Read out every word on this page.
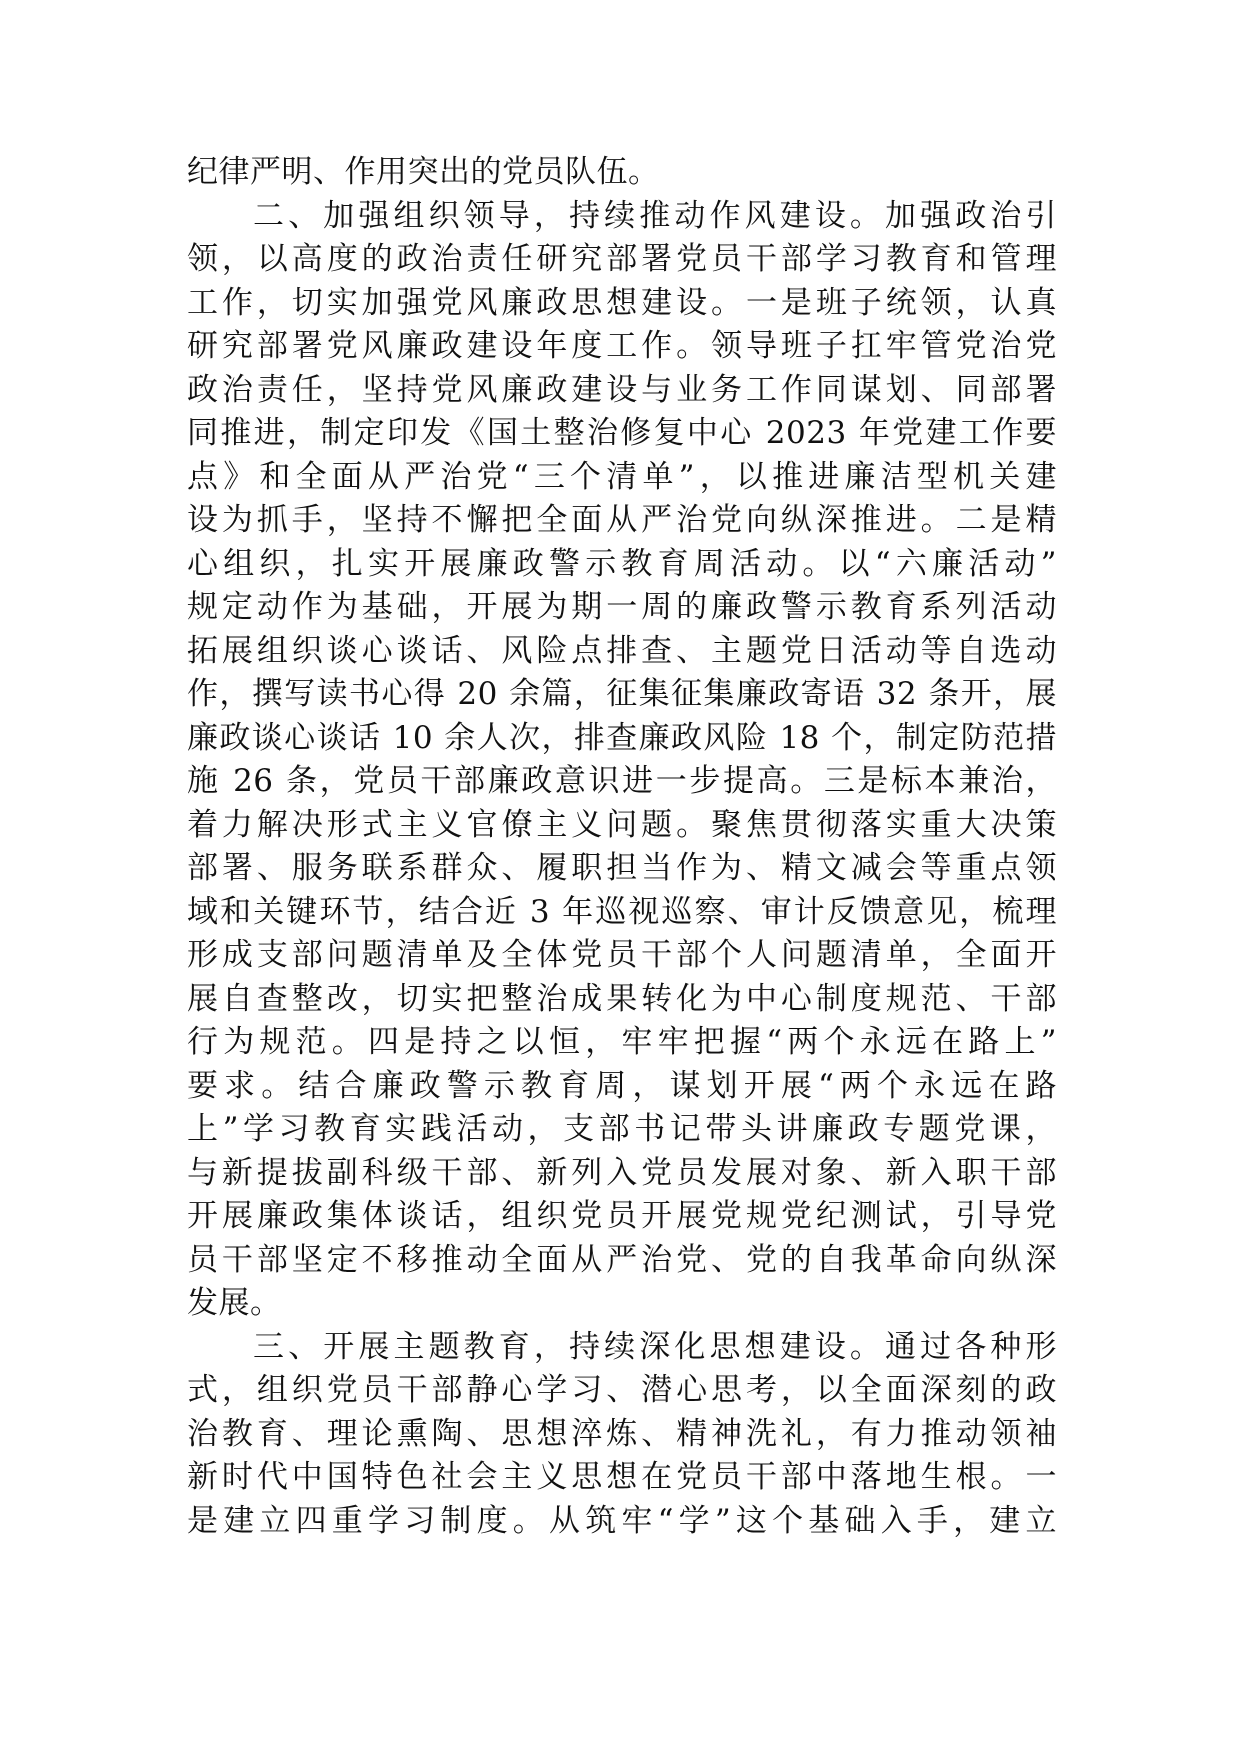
纪律严明、作用突出的党员队伍。
二、加强组织领导，持续推动作风建设。加强政治引
领，以高度的政治责任研究部署党员干部学习教育和管理
工作，切实加强党风廉政思想建设。一是班子统领，认真
研究部署党风廉政建设年度工作。领导班子扛牢管党治党
政治责任，坚持党风廉政建设与业务工作同谋划、同部署
同推进，制定印发《国土整治修复中心 2023 年党建工作要
点》和全面从严治党“三个清单”，以推进廉洁型机关建
设为抓手，坚持不懈把全面从严治党向纵深推进。二是精
心组织，扎实开展廉政警示教育周活动。以“六廉活动”
规定动作为基础，开展为期一周的廉政警示教育系列活动
拓展组织谈心谈话、风险点排查、主题党日活动等自选动
作，撰写读书心得 20 余篇，征集征集廉政寄语 32 条开，展
廉政谈心谈话 10 余人次，排查廉政风险 18 个，制定防范措
施 26 条，党员干部廉政意识进一步提高。三是标本兼治，
着力解决形式主义官僚主义问题。聚焦贯彻落实重大决策
部署、服务联系群众、履职担当作为、精文减会等重点领
域和关键环节，结合近 3 年巡视巡察、审计反馈意见，梳理
形成支部问题清单及全体党员干部个人问题清单，全面开
展自查整改，切实把整治成果转化为中心制度规范、干部
行为规范。四是持之以恒，牢牢把握“两个永远在路上”
要求。结合廉政警示教育周，谋划开展“两个永远在路
上”学习教育实践活动，支部书记带头讲廉政专题党课，
与新提拔副科级干部、新列入党员发展对象、新入职干部
开展廉政集体谈话，组织党员开展党规党纪测试，引导党
员干部坚定不移推动全面从严治党、党的自我革命向纵深
发展。
三、开展主题教育，持续深化思想建设。通过各种形
式，组织党员干部静心学习、潜心思考，以全面深刻的政
治教育、理论熏陶、思想淬炼、精神洗礼，有力推动领袖
新时代中国特色社会主义思想在党员干部中落地生根。一
是建立四重学习制度。从筑牢“学”这个基础入手，建立
